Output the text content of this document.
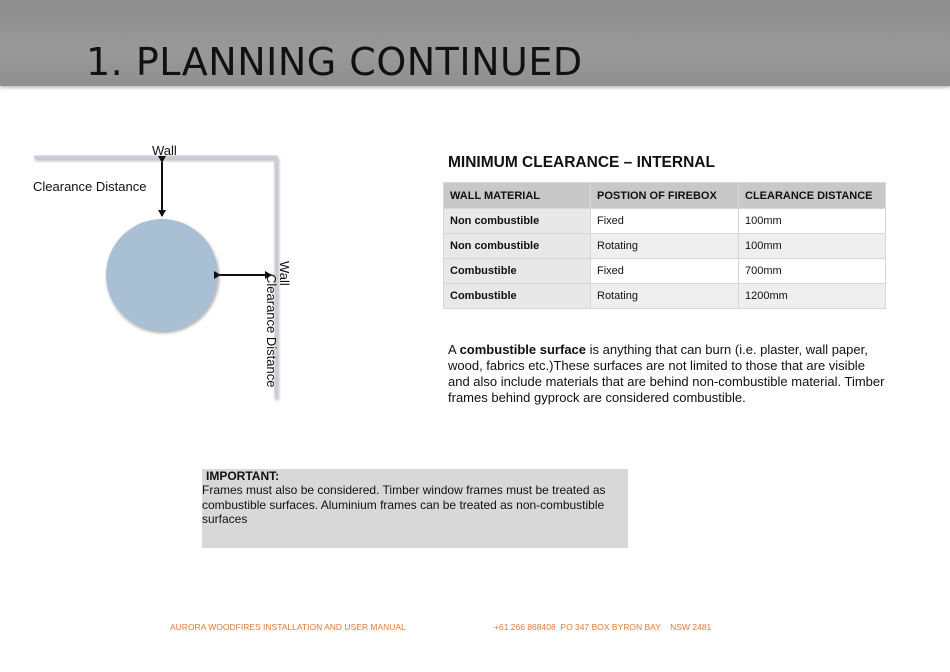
1. PLANNING CONTINUED
Wall
Clearance Distance
Wall
Clearance Distance
MINIMUM CLEARANCE – INTERNAL
WALL MATERIAL	POSTION OF FIREBOX	CLEARANCE DISTANCE
Non combustible	Fixed	100mm
Non combustible	Rotating	100mm
Combustible	Fixed	700mm
Combustible	Rotating	1200mm
A combustible surface is anything that can burn (i.e. plaster, wall paper, wood, fabrics etc.)These surfaces are not limited to those that are visible and also include materials that are behind non-combustible material. Timber frames behind gyprock are considered combustible.
IMPORTANT:
Frames must also be considered. Timber window frames must be treated as combustible surfaces. Aluminium frames can be treated as non-combustible surfaces
AURORA WOODFIRES INSTALLATION AND USER MANUAL	+61 266 868408  PO 347 BOX BYRON BAY    NSW 2481
